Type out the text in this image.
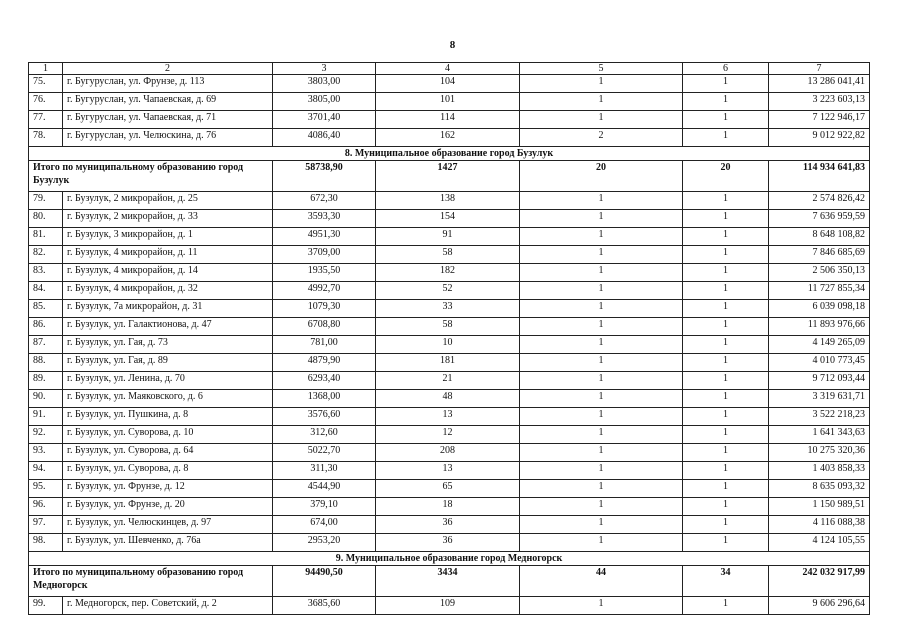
8
1	2	3	4	5	6	7
75.	г. Бугуруслан, ул. Фрунзе, д. 113	3803,00	104	1	1	13 286 041,41
76.	г. Бугуруслан, ул. Чапаевская, д. 69	3805,00	101	1	1	3 223 603,13
77.	г. Бугуруслан, ул. Чапаевская, д. 71	3701,40	114	1	1	7 122 946,17
78.	г. Бугуруслан, ул. Челюскина, д. 76	4086,40	162	2	1	9 012 922,82
8. Муниципальное образование город Бузулук						
Итого по муниципальному образованию город Бузулук		58738,90	1427	20	20	114 934 641,83
79.	г. Бузулук, 2 микрорайон, д. 25	672,30	138	1	1	2 574 826,42
80.	г. Бузулук, 2 микрорайон, д. 33	3593,30	154	1	1	7 636 959,59
81.	г. Бузулук, 3 микрорайон, д. 1	4951,30	91	1	1	8 648 108,82
82.	г. Бузулук, 4 микрорайон, д. 11	3709,00	58	1	1	7 846 685,69
83.	г. Бузулук, 4 микрорайон, д. 14	1935,50	182	1	1	2 506 350,13
84.	г. Бузулук, 4 микрорайон, д. 32	4992,70	52	1	1	11 727 855,34
85.	г. Бузулук, 7а микрорайон, д. 31	1079,30	33	1	1	6 039 098,18
86.	г. Бузулук, ул. Галактионова, д. 47	6708,80	58	1	1	11 893 976,66
87.	г. Бузулук, ул. Гая, д. 73	781,00	10	1	1	4 149 265,09
88.	г. Бузулук, ул. Гая, д. 89	4879,90	181	1	1	4 010 773,45
89.	г. Бузулук, ул. Ленина, д. 70	6293,40	21	1	1	9 712 093,44
90.	г. Бузулук, ул. Маяковского, д. 6	1368,00	48	1	1	3 319 631,71
91.	г. Бузулук, ул. Пушкина, д. 8	3576,60	13	1	1	3 522 218,23
92.	г. Бузулук, ул. Суворова, д. 10	312,60	12	1	1	1 641 343,63
93.	г. Бузулук, ул. Суворова, д. 64	5022,70	208	1	1	10 275 320,36
94.	г. Бузулук, ул. Суворова, д. 8	311,30	13	1	1	1 403 858,33
95.	г. Бузулук, ул. Фрунзе, д. 12	4544,90	65	1	1	8 635 093,32
96.	г. Бузулук, ул. Фрунзе, д. 20	379,10	18	1	1	1 150 989,51
97.	г. Бузулук, ул. Челюскинцев, д. 97	674,00	36	1	1	4 116 088,38
98.	г. Бузулук, ул. Шевченко, д. 76а	2953,20	36	1	1	4 124 105,55
9. Муниципальное образование город Медногорск						
Итого по муниципальному образованию город Медногорск		94490,50	3434	44	34	242 032 917,99
99.	г. Медногорск, пер. Советский, д. 2	3685,60	109	1	1	9 606 296,64
